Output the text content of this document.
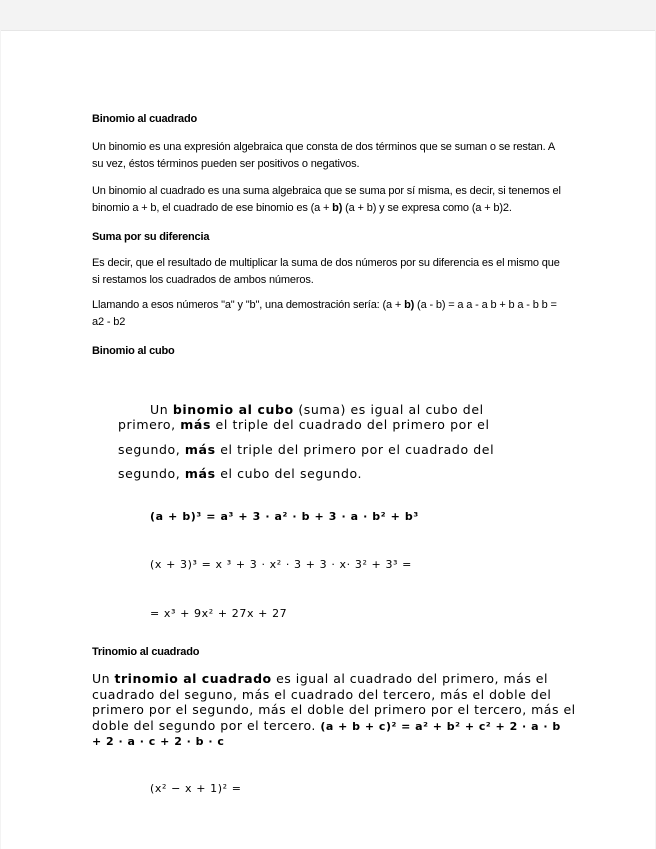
Binomio al cuadrado
Un binomio es una expresión algebraica que consta de dos términos que se suman o se restan. A
su vez, éstos términos pueden ser positivos o negativos.
Un binomio al cuadrado es una suma algebraica que se suma por sí misma, es decir, si tenemos el
binomio a + b, el cuadrado de ese binomio es (a + b) (a + b) y se expresa como (a + b)2.
Suma por su diferencia
Es decir, que el resultado de multiplicar la suma de dos números por su diferencia es el mismo que
si restamos los cuadrados de ambos números.
Llamando a esos números "a" y "b", una demostración sería: (a + b) (a - b) = a a - a b + b a - b b =
a2 - b2
Binomio al cubo
Un binomio al cubo (suma) es igual al cubo del
primero, más el triple del cuadrado del primero por el
segundo, más el triple del primero por el cuadrado del
segundo, más el cubo del segundo.
(a + b)³ = a³ + 3 · a² · b + 3 · a · b² + b³
(x + 3)³ = x ³ + 3 · x² · 3 + 3 · x· 3² + 3³ =
= x³ + 9x² + 27x + 27
Trinomio al cuadrado
Un trinomio al cuadrado es igual al cuadrado del primero, más el
cuadrado del seguno, más el cuadrado del tercero, más el doble del
primero por el segundo, más el doble del primero por el tercero, más el
doble del segundo por el tercero. (a + b + c)² = a² + b² + c² + 2 · a · b
+ 2 · a · c + 2 · b · c
(x² − x + 1)² =
